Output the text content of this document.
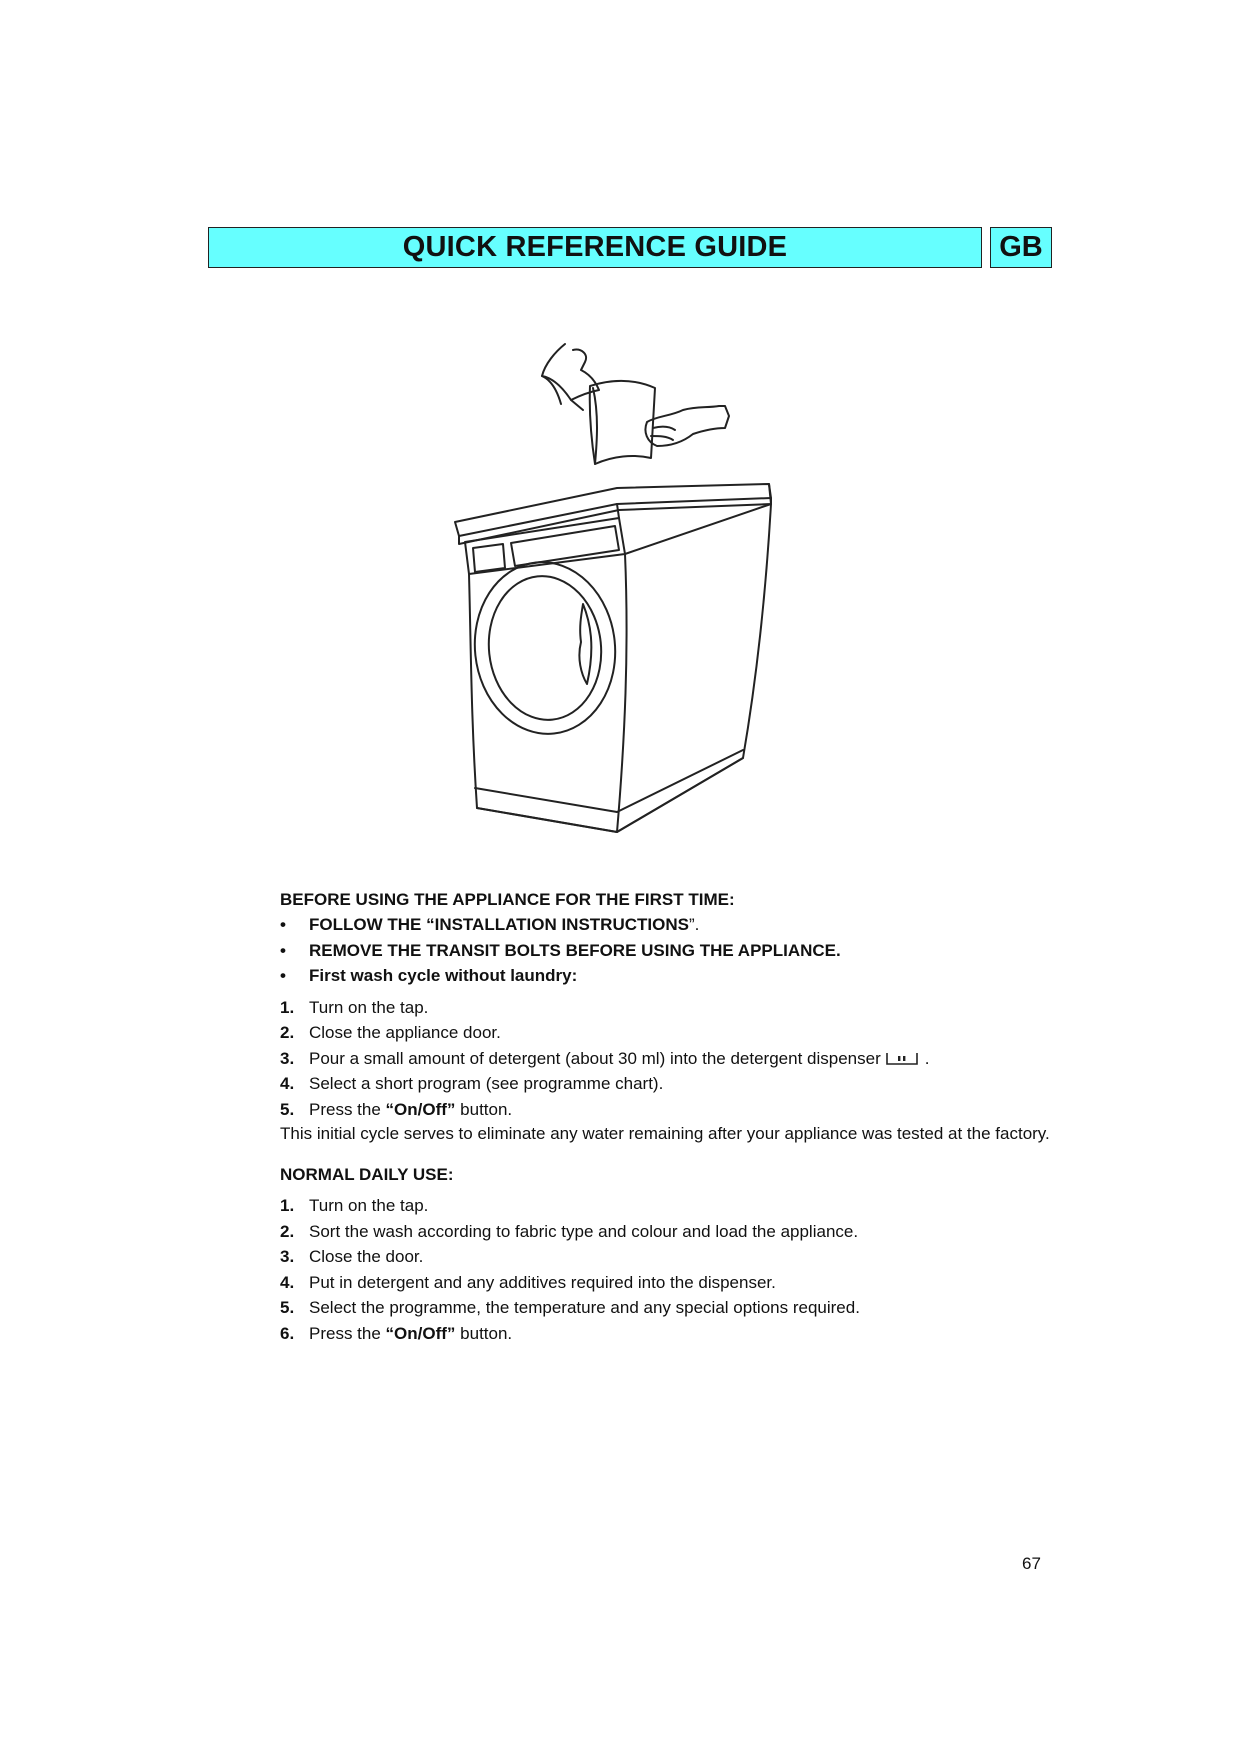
QUICK REFERENCE GUIDE	GB

BEFORE USING THE APPLIANCE FOR THE FIRST TIME:

•	FOLLOW THE “INSTALLATION INSTRUCTIONS”.
•	REMOVE THE TRANSIT BOLTS BEFORE USING THE APPLIANCE.
•	First wash cycle without laundry:
1. Turn on the tap.
2. Close the appliance door.
3. Pour a small amount of detergent (about 30 ml) into the detergent dispenser	.
4. Select a short program (see programme chart).
5. Press the “On/Off” button.

This initial cycle serves to eliminate any water remaining after your appliance was tested at the factory.

NORMAL DAILY USE:

1. Turn on the tap.
2. Sort the wash according to fabric type and colour and load the appliance.
3. Close the door.
4. Put in detergent and any additives required into the dispenser.
5. Select the programme, the temperature and any special options required.
6. Press the “On/Off” button.
67
